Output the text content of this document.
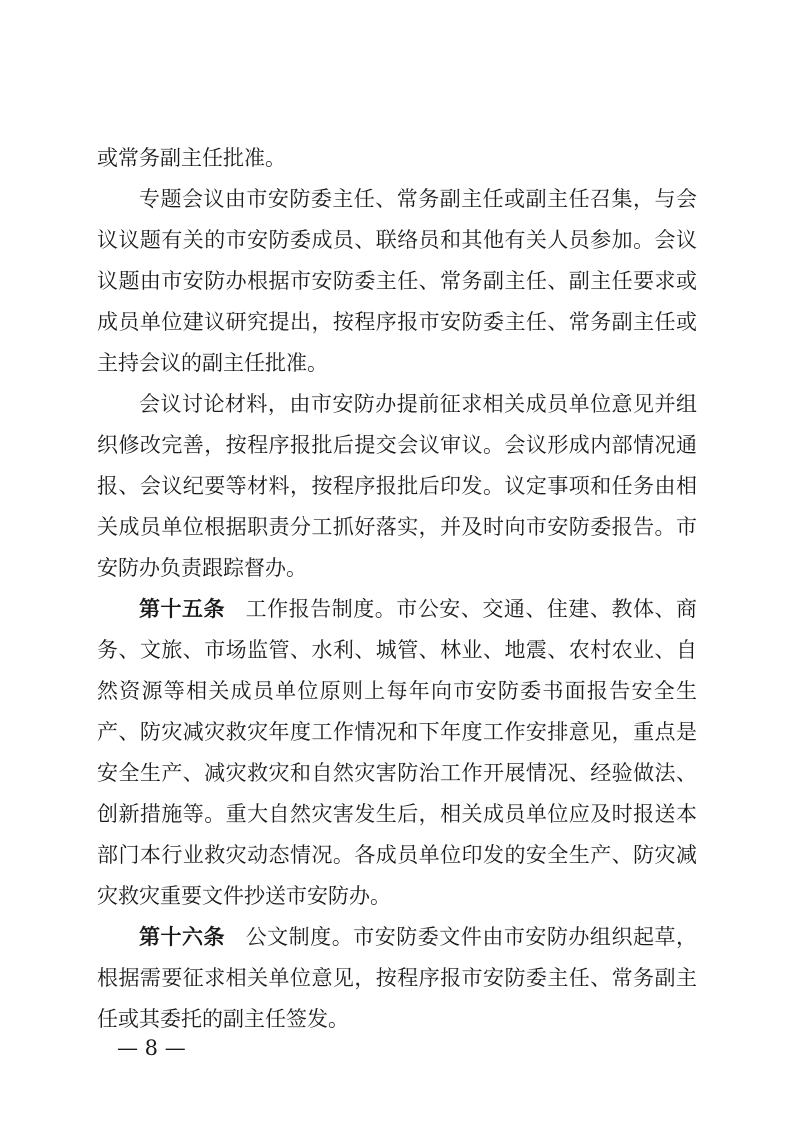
或常务副主任批准。
专题会议由市安防委主任、常务副主任或副主任召集，与会
议议题有关的市安防委成员、联络员和其他有关人员参加。会议
议题由市安防办根据市安防委主任、常务副主任、副主任要求或
成员单位建议研究提出，按程序报市安防委主任、常务副主任或
主持会议的副主任批准。
会议讨论材料，由市安防办提前征求相关成员单位意见并组
织修改完善，按程序报批后提交会议审议。会议形成内部情况通
报、会议纪要等材料，按程序报批后印发。议定事项和任务由相
关成员单位根据职责分工抓好落实，并及时向市安防委报告。市
安防办负责跟踪督办。
第十五条 工作报告制度。市公安、交通、住建、教体、商
务、文旅、市场监管、水利、城管、林业、地震、农村农业、自
然资源等相关成员单位原则上每年向市安防委书面报告安全生
产、防灾减灾救灾年度工作情况和下年度工作安排意见，重点是
安全生产、减灾救灾和自然灾害防治工作开展情况、经验做法、
创新措施等。重大自然灾害发生后，相关成员单位应及时报送本
部门本行业救灾动态情况。各成员单位印发的安全生产、防灾减
灾救灾重要文件抄送市安防办。
第十六条 公文制度。市安防委文件由市安防办组织起草，
根据需要征求相关单位意见，按程序报市安防委主任、常务副主
任或其委托的副主任签发。
— 8 —
